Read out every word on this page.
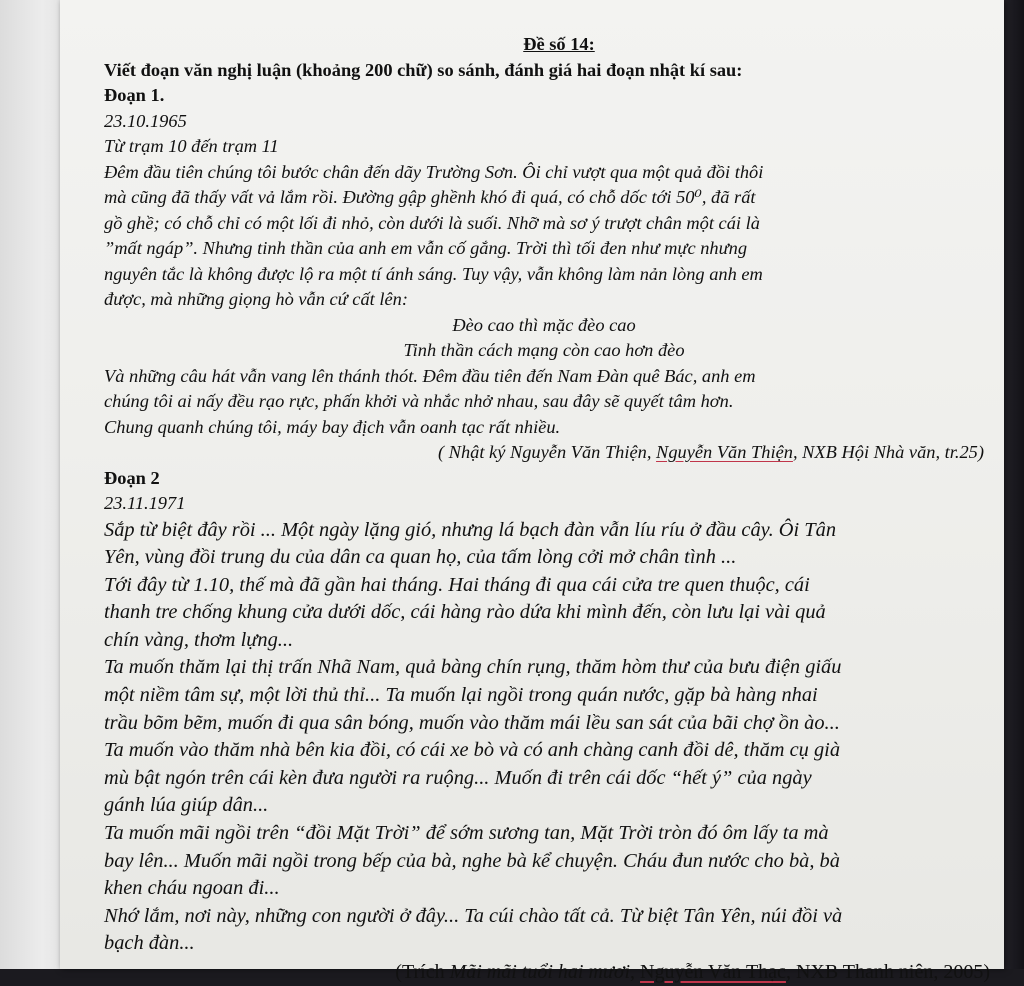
Đề số 14:
Viết đoạn văn nghị luận (khoảng 200 chữ) so sánh, đánh giá hai đoạn nhật kí sau:
Đoạn 1.
23.10.1965
Từ trạm 10 đến trạm 11
Đêm đầu tiên chúng tôi bước chân đến dãy Trường Sơn. Ôi chỉ vượt qua một quả đồi thôi
mà cũng đã thấy vất vả lắm rồi. Đường gập ghềnh khó đi quá, có chỗ dốc tới 50⁰, đã rất
gồ ghề; có chỗ chỉ có một lối đi nhỏ, còn dưới là suối. Nhỡ mà sơ ý trượt chân một cái là
”mất ngáp”. Nhưng tinh thần của anh em vẫn cố gắng. Trời thì tối đen như mực nhưng
nguyên tắc là không được lộ ra một tí ánh sáng. Tuy vậy, vẫn không làm nản lòng anh em
được, mà những giọng hò vẫn cứ cất lên:
Đèo cao thì mặc đèo cao
Tinh thần cách mạng còn cao hơn đèo
Và những câu hát vẫn vang lên thánh thót. Đêm đầu tiên đến Nam Đàn quê Bác, anh em
chúng tôi ai nấy đều rạo rực, phấn khởi và nhắc nhở nhau, sau đây sẽ quyết tâm hơn.
Chung quanh chúng tôi, máy bay địch vẫn oanh tạc rất nhiều.
( Nhật ký Nguyễn Văn Thiện, Nguyễn Văn Thiện, NXB Hội Nhà văn, tr.25)
Đoạn 2
23.11.1971
Sắp từ biệt đây rồi ... Một ngày lặng gió, nhưng lá bạch đàn vẫn líu ríu ở đầu cây. Ôi Tân
Yên, vùng đồi trung du của dân ca quan họ, của tấm lòng cởi mở chân tình ...
Tới đây từ 1.10, thế mà đã gần hai tháng. Hai tháng đi qua cái cửa tre quen thuộc, cái
thanh tre chống khung cửa dưới dốc, cái hàng rào dứa khi mình đến, còn lưu lại vài quả
chín vàng, thơm lựng...
Ta muốn thăm lại thị trấn Nhã Nam, quả bàng chín rụng, thăm hòm thư của bưu điện giấu
một niềm tâm sự, một lời thủ thỉ... Ta muốn lại ngồi trong quán nước, gặp bà hàng nhai
trầu bõm bẽm, muốn đi qua sân bóng, muốn vào thăm mái lều san sát của bãi chợ ồn ào...
Ta muốn vào thăm nhà bên kia đồi, có cái xe bò và có anh chàng canh đồi dê, thăm cụ già
mù bật ngón trên cái kèn đưa người ra ruộng... Muốn đi trên cái dốc “hết ý” của ngày
gánh lúa giúp dân...
Ta muốn mãi ngồi trên “đồi Mặt Trời” để sớm sương tan, Mặt Trời tròn đó ôm lấy ta mà
bay lên... Muốn mãi ngồi trong bếp của bà, nghe bà kể chuyện. Cháu đun nước cho bà, bà
khen cháu ngoan đi...
Nhớ lắm, nơi này, những con người ở đây... Ta cúi chào tất cả. Từ biệt Tân Yên, núi đồi và
bạch đàn...
(Trích Mãi mãi tuổi hai mươi, Nguyễn Văn Thạc, NXB Thanh niên, 2005)
